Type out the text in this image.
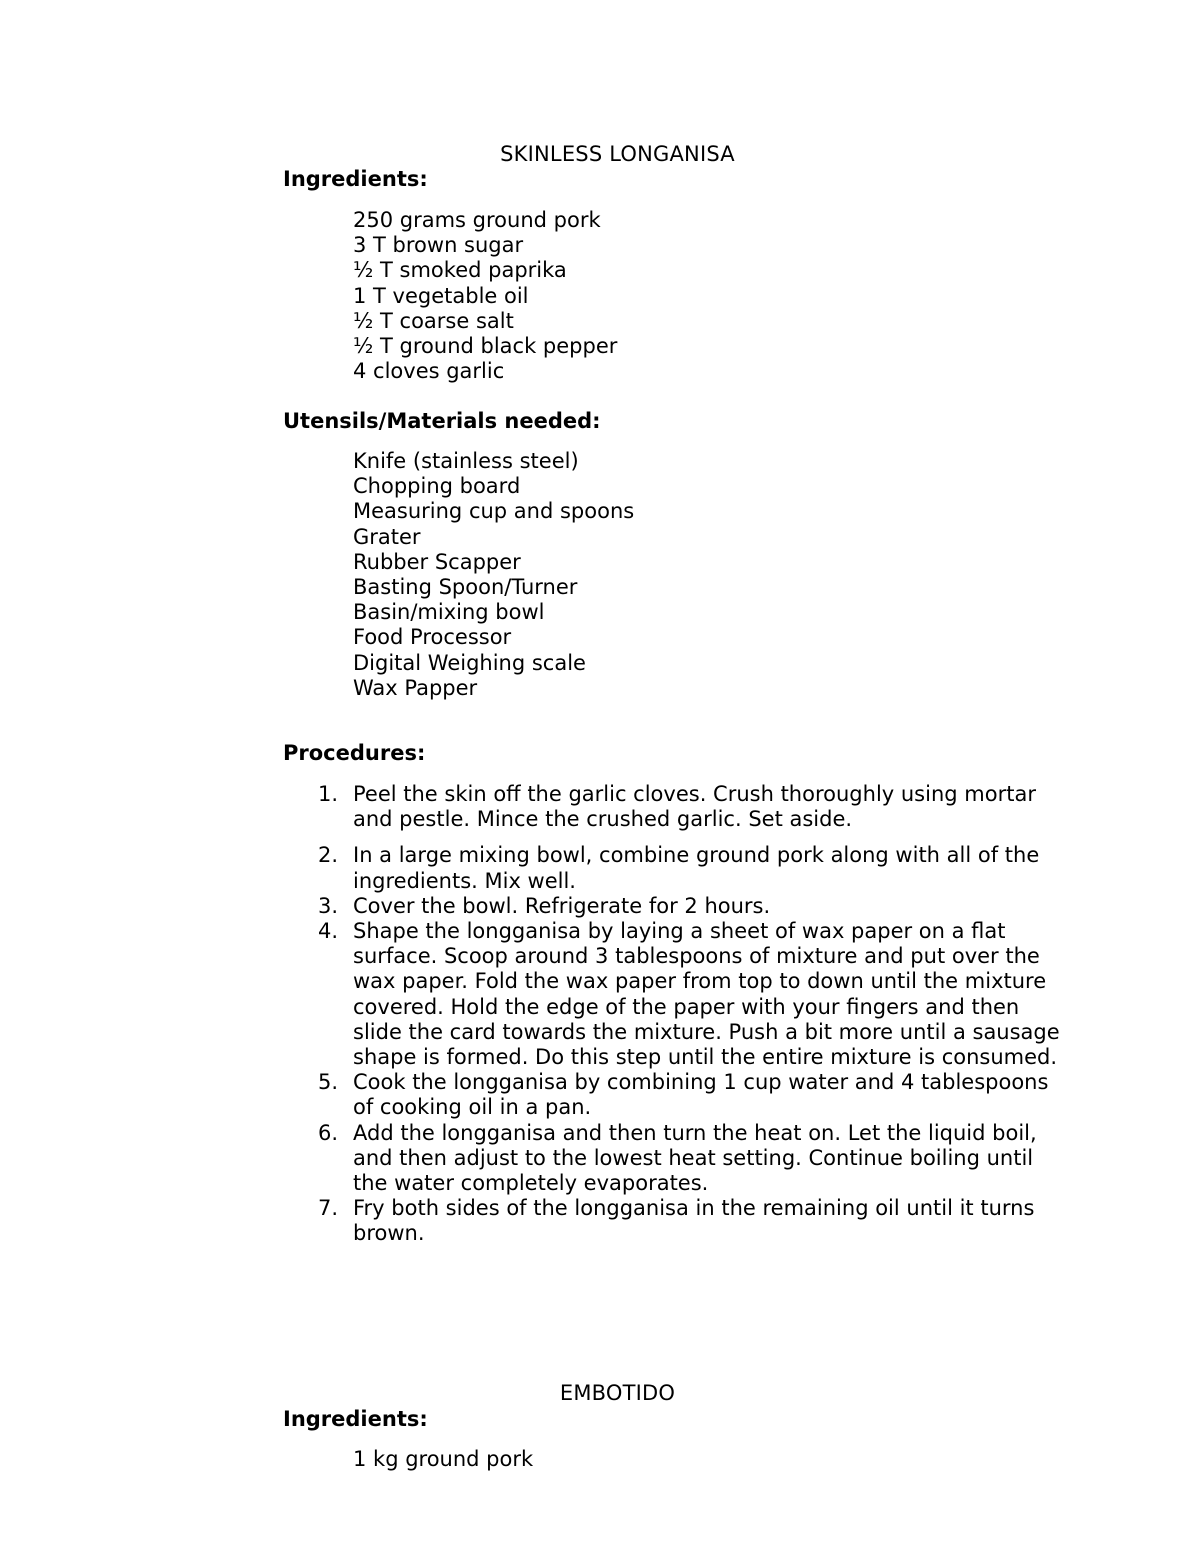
SKINLESS LONGANISA
Ingredients:
250 grams ground pork
3 T brown sugar
½ T smoked paprika
1 T vegetable oil
½ T coarse salt
½ T ground black pepper
4 cloves garlic
Utensils/Materials needed:
Knife (stainless steel)
Chopping board
Measuring cup and spoons
Grater
Rubber Scapper
Basting Spoon/Turner
Basin/mixing bowl
Food Processor
Digital Weighing scale
Wax Papper
Procedures:
1. Peel the skin off the garlic cloves. Crush thoroughly using mortar and pestle. Mince the crushed garlic. Set aside.
2. In a large mixing bowl, combine ground pork along with all of the ingredients. Mix well.
3. Cover the bowl. Refrigerate for 2 hours.
4. Shape the longganisa by laying a sheet of wax paper on a flat surface. Scoop around 3 tablespoons of mixture and put over the wax paper. Fold the wax paper from top to down until the mixture covered. Hold the edge of the paper with your fingers and then slide the card towards the mixture. Push a bit more until a sausage shape is formed. Do this step until the entire mixture is consumed.
5. Cook the longganisa by combining 1 cup water and 4 tablespoons of cooking oil in a pan.
6. Add the longganisa and then turn the heat on. Let the liquid boil, and then adjust to the lowest heat setting. Continue boiling until the water completely evaporates.
7. Fry both sides of the longganisa in the remaining oil until it turns brown.
EMBOTIDO
Ingredients:
1 kg ground pork
